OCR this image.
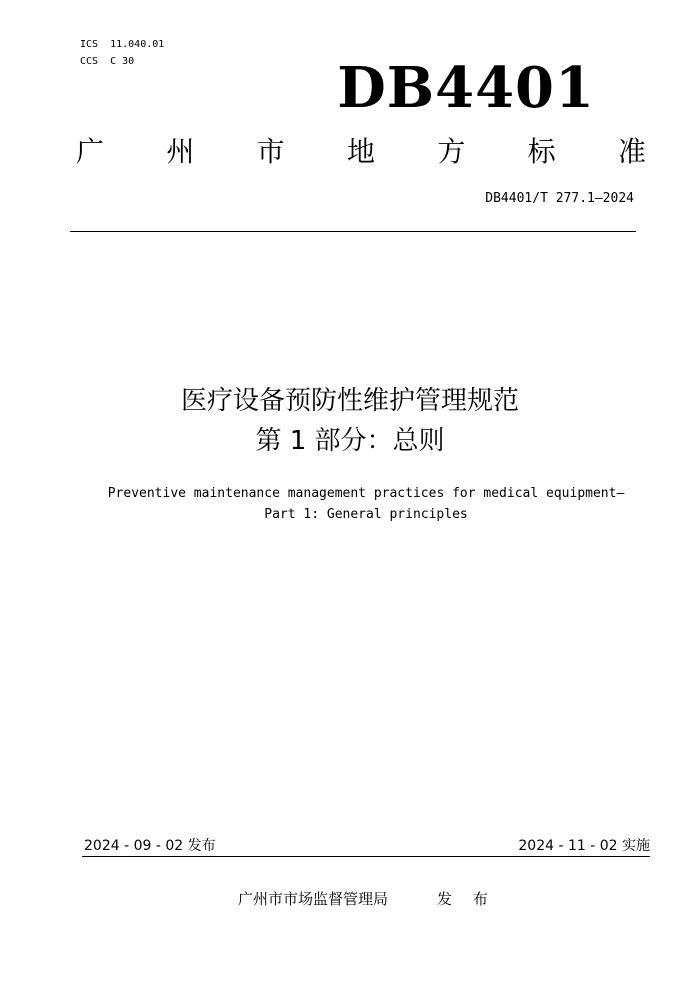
ICS  11.040.01
CCS  C 30	DB4401
广 州 市 地 方 标 准
DB4401/T 277.1—2024
医疗设备预防性维护管理规范
第 1 部分：总则
Preventive maintenance management practices for medical equipment—
Part 1: General principles
2024 - 09 - 02 发布	2024 - 11 - 02 实施
广州市市场监督管理局	发 布
